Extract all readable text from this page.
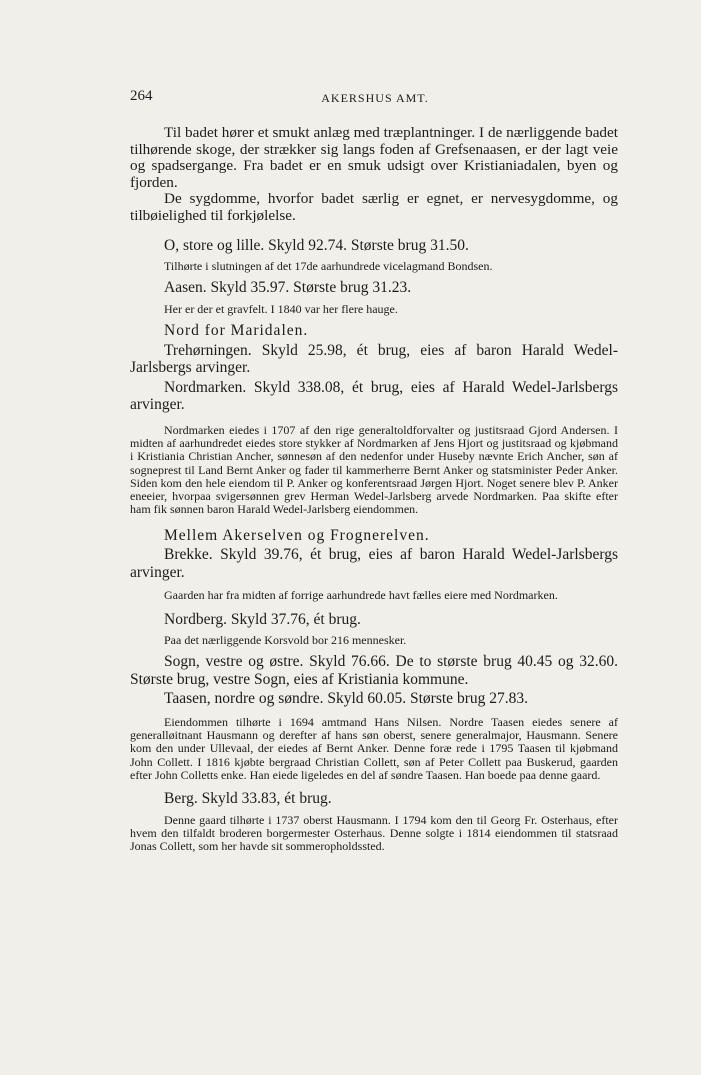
264	AKERSHUS AMT.

Til badet hører et smukt anlæg med træplantninger. I de nærliggende badet tilhørende skoge, der strækker sig langs foden af Grefsenaasen, er der lagt veie og spadsergange. Fra badet er en smuk udsigt over Kristianiadalen, byen og fjorden.

De sygdomme, hvorfor badet særlig er egnet, er nervesygdomme, og tilbøielighed til forkjølelse.

O, store og lille. Skyld 92.74. Største brug 31.50.

Tilhørte i slutningen af det 17de aarhundrede vicelagmand Bondsen.

Aasen. Skyld 35.97. Største brug 31.23.

Her er der et gravfelt. I 1840 var her flere hauge.

Nord for Maridalen.

Trehørningen. Skyld 25.98, ét brug, eies af baron Harald Wedel-Jarlsbergs arvinger.

Nordmarken. Skyld 338.08, ét brug, eies af Harald Wedel-Jarlsbergs arvinger.

Nordmarken eiedes i 1707 af den rige generaltoldforvalter og justitsraad Gjord Andersen. I midten af aarhundredet eiedes store stykker af Nordmarken af Jens Hjort og justitsraad og kjøbmand i Kristiania Christian Ancher, sønnesøn af den nedenfor under Huseby nævnte Erich Ancher, søn af sogneprest til Land Bernt Anker og fader til kammerherre Bernt Anker og statsminister Peder Anker. Siden kom den hele eiendom til P. Anker og konferentsraad Jørgen Hjort. Noget senere blev P. Anker eneeier, hvorpaa svigersønnen grev Herman Wedel-Jarlsberg arvede Nordmarken. Paa skifte efter ham fik sønnen baron Harald Wedel-Jarlsberg eiendommen.

Mellem Akerselven og Frognerelven.

Brekke. Skyld 39.76, ét brug, eies af baron Harald Wedel-Jarlsbergs arvinger.

Gaarden har fra midten af forrige aarhundrede havt fælles eiere med Nordmarken.

Nordberg. Skyld 37.76, ét brug.

Paa det nærliggende Korsvold bor 216 mennesker.

Sogn, vestre og østre. Skyld 76.66. De to største brug 40.45 og 32.60. Største brug, vestre Sogn, eies af Kristiania kommune.

Taasen, nordre og søndre. Skyld 60.05. Største brug 27.83.

Eiendommen tilhørte i 1694 amtmand Hans Nilsen. Nordre Taasen eiedes senere af generalløitnant Hausmann og derefter af hans søn oberst, senere generalmajor, Hausmann. Senere kom den under Ullevaal, der eiedes af Bernt Anker. Denne foræ rede i 1795 Taasen til kjøbmand John Collett. I 1816 kjøbte bergraad Christian Collett, søn af Peter Collett paa Buskerud, gaarden efter John Colletts enke. Han eiede ligeledes en del af søndre Taasen. Han boede paa denne gaard.

Berg. Skyld 33.83, ét brug.

Denne gaard tilhørte i 1737 oberst Hausmann. I 1794 kom den til Georg Fr. Osterhaus, efter hvem den tilfaldt broderen borgermester Osterhaus. Denne solgte i 1814 eiendommen til statsraad Jonas Collett, som her havde sit sommeropholdssted.
